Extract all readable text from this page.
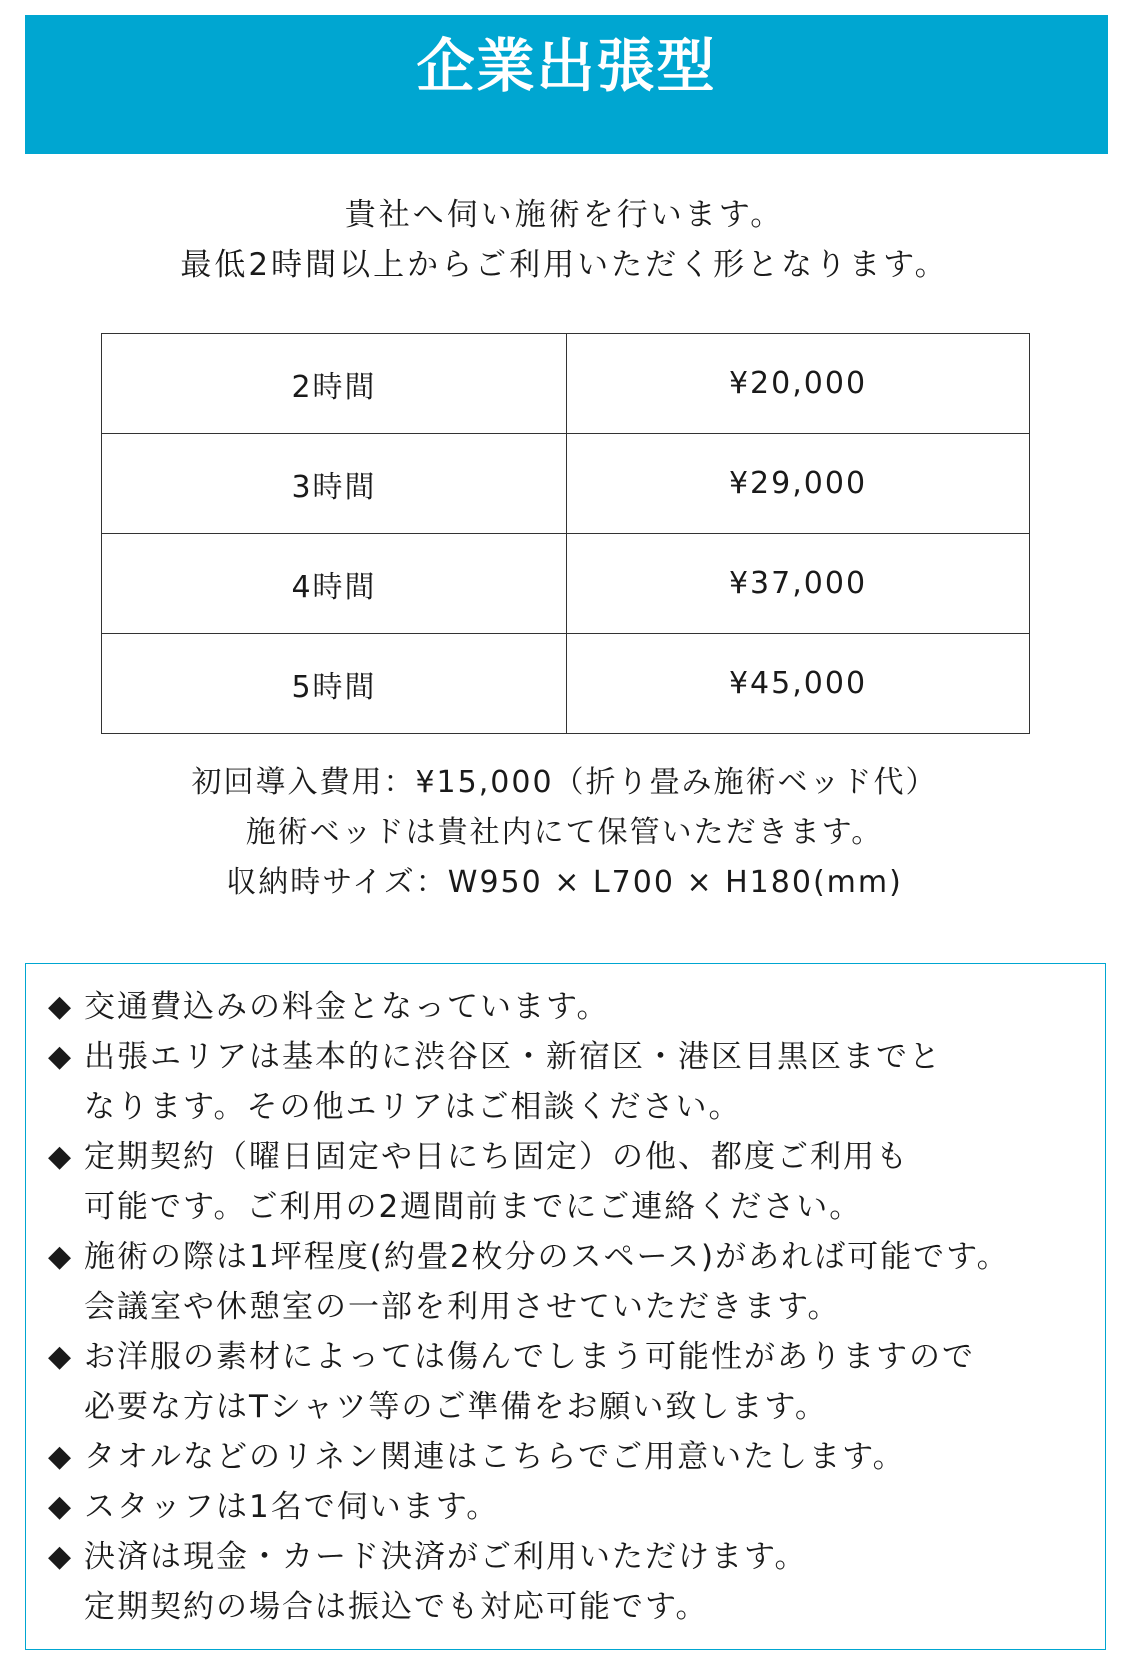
企業出張型
貴社へ伺い施術を行います。
最低2時間以上からご利用いただく形となります。
2時間	¥20,000
3時間	¥29,000
4時間	¥37,000
5時間	¥45,000
初回導入費用：¥15,000（折り畳み施術ベッド代）
施術ベッドは貴社内にて保管いただきます。
収納時サイズ：W950 × L700 × H180(mm)
◆ 交通費込みの料金となっています。
◆ 出張エリアは基本的に渋谷区・新宿区・港区目黒区までと
なります。その他エリアはご相談ください。
◆ 定期契約（曜日固定や日にち固定）の他、都度ご利用も
可能です。ご利用の2週間前までにご連絡ください。
◆ 施術の際は1坪程度(約畳2枚分のスペース)があれば可能です。
会議室や休憩室の一部を利用させていただきます。
◆ お洋服の素材によっては傷んでしまう可能性がありますので
必要な方はTシャツ等のご準備をお願い致します。
◆ タオルなどのリネン関連はこちらでご用意いたします。
◆ スタッフは1名で伺います。
◆ 決済は現金・カード決済がご利用いただけます。
定期契約の場合は振込でも対応可能です。
